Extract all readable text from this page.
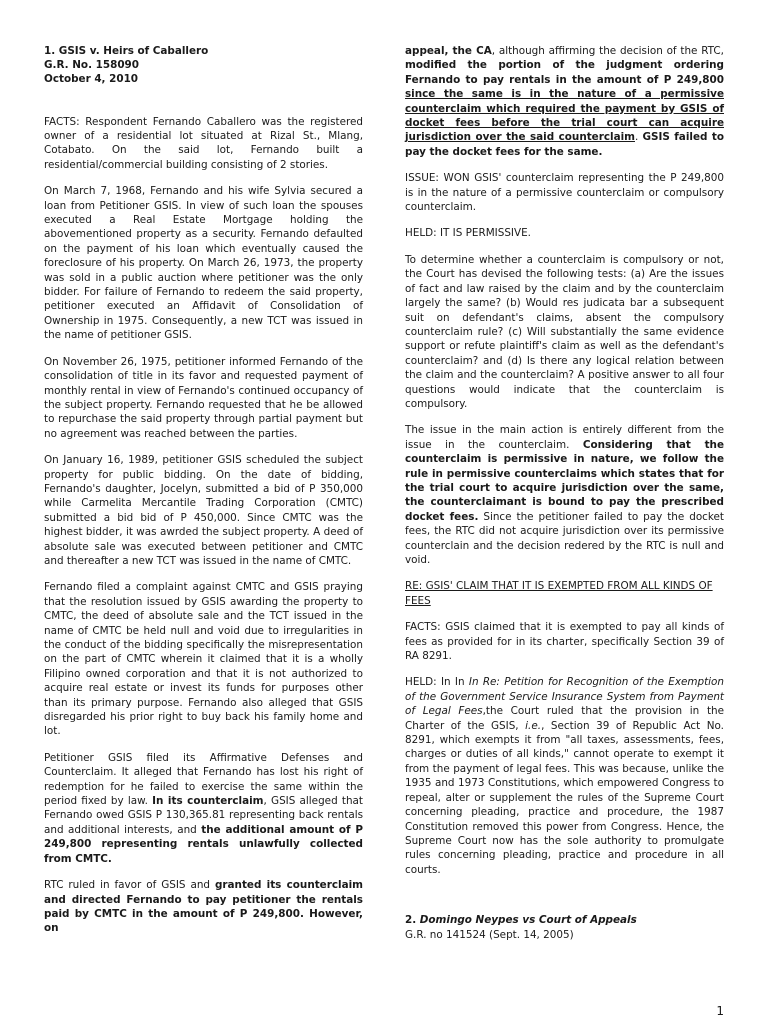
1. GSIS v. Heirs of Caballero
G.R. No. 158090
October 4, 2010

FACTS: Respondent Fernando Caballero was the registered owner of a residential lot situated at Rizal St., Mlang, Cotabato. On the said lot, Fernando built a residential/commercial building consisting of 2 stories.

On March 7, 1968, Fernando and his wife Sylvia secured a loan from Petitioner GSIS. In view of such loan the spouses executed a Real Estate Mortgage holding the abovementioned property as a security. Fernando defaulted on the payment of his loan which eventually caused the foreclosure of his property. On March 26, 1973, the property was sold in a public auction where petitioner was the only bidder. For failure of Fernando to redeem the said property, petitioner executed an Affidavit of Consolidation of Ownership in 1975. Consequently, a new TCT was issued in the name of petitioner GSIS.

On November 26, 1975, petitioner informed Fernando of the consolidation of title in its favor and requested payment of monthly rental in view of Fernando's continued occupancy of the subject property. Fernando requested that he be allowed to repurchase the said property through partial payment but no agreement was reached between the parties.

On January 16, 1989, petitioner GSIS scheduled the subject property for public bidding. On the date of bidding, Fernando's daughter, Jocelyn, submitted a bid of P 350,000 while Carmelita Mercantile Trading Corporation (CMTC) submitted a bid bid of P 450,000. Since CMTC was the highest bidder, it was awrded the subject property. A deed of absolute sale was executed between petitioner and CMTC and thereafter a new TCT was issued in the name of CMTC.

Fernando filed a complaint against CMTC and GSIS praying that the resolution issued by GSIS awarding the property to CMTC, the deed of absolute sale and the TCT issued in the name of CMTC be held null and void due to irregularities in the conduct of the bidding specifically the misrepresentation on the part of CMTC wherein it claimed that it is a wholly Filipino owned corporation and that it is not authorized to acquire real estate or invest its funds for purposes other than its primary purpose. Fernando also alleged that GSIS disregarded his prior right to buy back his family home and lot.

Petitioner GSIS filed its Affirmative Defenses and Counterclaim. It alleged that Fernando has lost his right of redemption for he failed to exercise the same within the period fixed by law. In its counterclaim, GSIS alleged that Fernando owed GSIS P 130,365.81 representing back rentals and additional interests, and the additional amount of P 249,800 representing rentals unlawfully collected from CMTC.

RTC ruled in favor of GSIS and granted its counterclaim and directed Fernando to pay petitioner the rentals paid by CMTC in the amount of P 249,800. However, on

appeal, the CA, although affirming the decision of the RTC, modified the portion of the judgment ordering Fernando to pay rentals in the amount of P 249,800 since the same is in the nature of a permissive counterclaim which required the payment by GSIS of docket fees before the trial court can acquire jurisdiction over the said counterclaim. GSIS failed to pay the docket fees for the same.

ISSUE: WON GSIS' counterclaim representing the P 249,800 is in the nature of a permissive counterclaim or compulsory counterclaim.

HELD: IT IS PERMISSIVE.

To determine whether a counterclaim is compulsory or not, the Court has devised the following tests: (a) Are the issues of fact and law raised by the claim and by the counterclaim largely the same? (b) Would res judicata bar a subsequent suit on defendant's claims, absent the compulsory counterclaim rule? (c) Will substantially the same evidence support or refute plaintiff's claim as well as the defendant's counterclaim? and (d) Is there any logical relation between the claim and the counterclaim? A positive answer to all four questions would indicate that the counterclaim is compulsory.

The issue in the main action is entirely different from the issue in the counterclaim. Considering that the counterclaim is permissive in nature, we follow the rule in permissive counterclaims which states that for the trial court to acquire jurisdiction over the same, the counterclaimant is bound to pay the prescribed docket fees. Since the petitioner failed to pay the docket fees, the RTC did not acquire jurisdiction over its permissive counterclain and the decision redered by the RTC is null and void.

RE: GSIS' CLAIM THAT IT IS EXEMPTED FROM ALL KINDS OF FEES

FACTS: GSIS claimed that it is exempted to pay all kinds of fees as provided for in its charter, specifically Section 39 of RA 8291.

HELD: In In In Re: Petition for Recognition of the Exemption of the Government Service Insurance System from Payment of Legal Fees,the Court ruled that the provision in the Charter of the GSIS, i.e., Section 39 of Republic Act No. 8291, which exempts it from "all taxes, assessments, fees, charges or duties of all kinds," cannot operate to exempt it from the payment of legal fees. This was because, unlike the 1935 and 1973 Constitutions, which empowered Congress to repeal, alter or supplement the rules of the Supreme Court concerning pleading, practice and procedure, the 1987 Constitution removed this power from Congress. Hence, the Supreme Court now has the sole authority to promulgate rules concerning pleading, practice and procedure in all courts.

2. Domingo Neypes vs Court of Appeals
G.R. no 141524 (Sept. 14, 2005)
1
